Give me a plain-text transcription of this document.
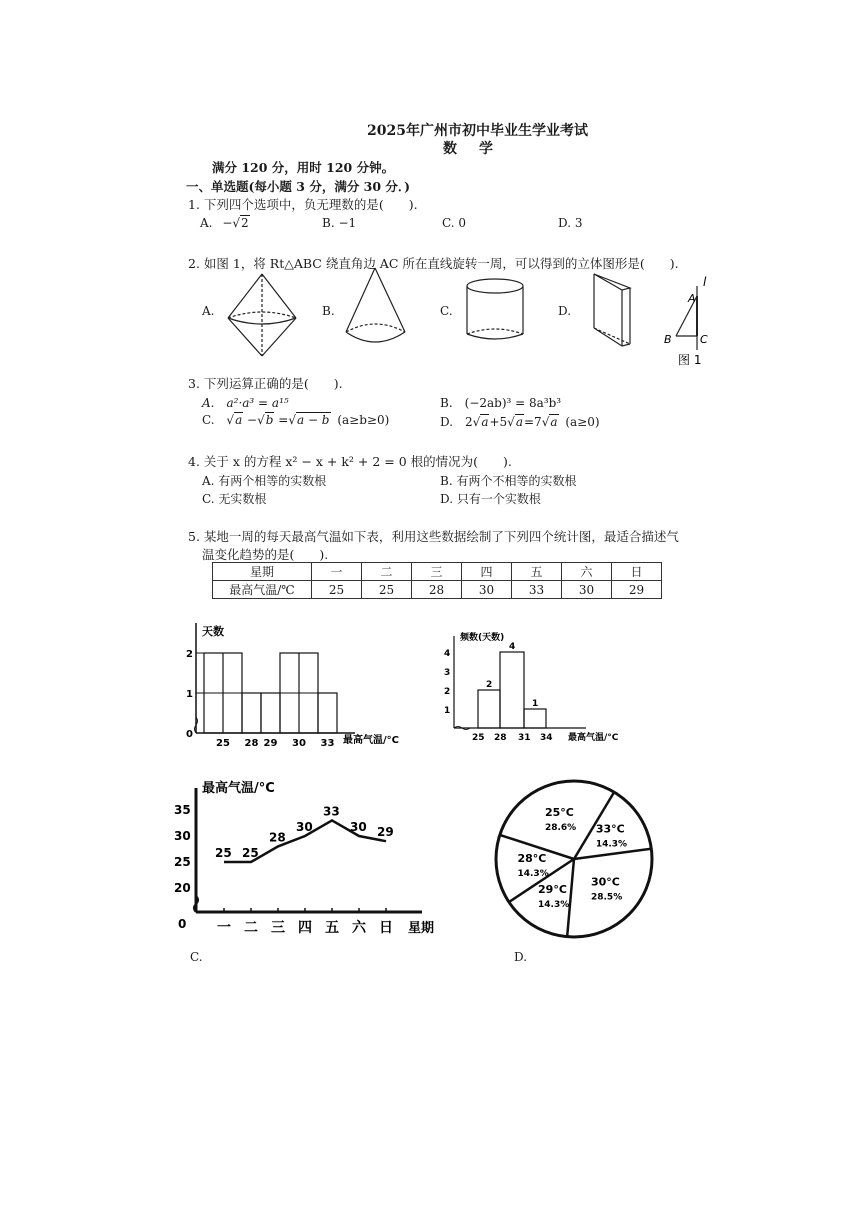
2025年广州市初中毕业生学业考试
数　学
满分 120 分，用时 120 分钟。
一、单选题(每小题 3 分，满分 30 分．)
1. 下列四个选项中，负无理数的是(　　).
A. −√2	B. −1	C. 0	D. 3
2. 如图 1，将 Rt△ABC 绕直角边 AC 所在直线旋转一周，可以得到的立体图形是(　　).
A.	B.	C.	D.
l
A
B	C
图 1
3. 下列运算正确的是(　　).
A.　a²·a³ = a¹⁵	B.　(−2ab)³ = 8a³b³
C. √a −√b =√a − b (a≥b≥0)	D.　2√a+5√a=7√a (a≥0)
4. 关于 x 的方程 x² − x + k² + 2 = 0 根的情况为(　　).
A. 有两个相等的实数根	B. 有两个不相等的实数根
C. 无实数根	D. 只有一个实数根
5. 某地一周的每天最高气温如下表，利用这些数据绘制了下列四个统计图，最适合描述气
温变化趋势的是(　　).
星期	一	二	三	四	五	六	日
最高气温/℃	25	25	28	30	33	30	29
0
1
2
天数
最高气温/°C
25 28 29 30 33
1
2
3
4
频数(天数)
最高气温/°C
25 28 31 34
2
4
1
0
20
25
30
35
最高气温/°C
星期
一 二 三 四 五 六 日
25 25
28
30
33
30 29
C.
25°C
28.6%
28°C
14.3%
29°C
14.3%
30°C
28.5%
33°C
14.3%
D.
